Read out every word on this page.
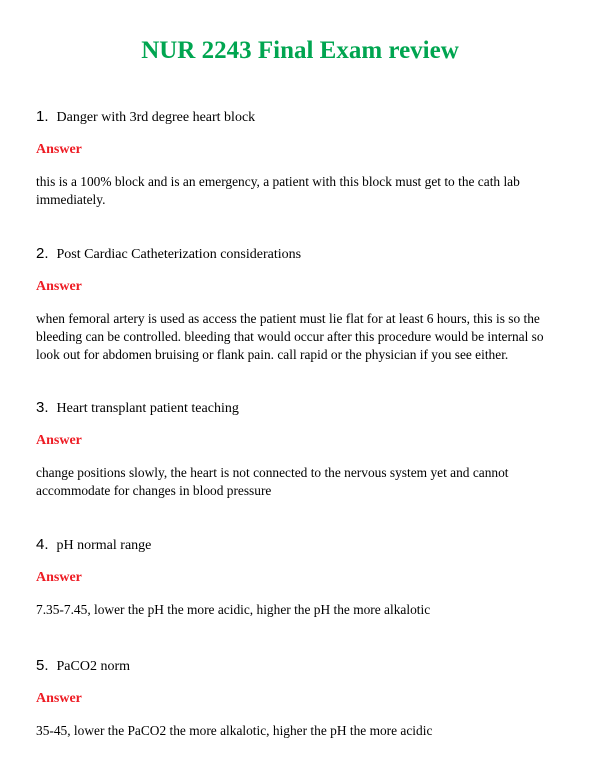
NUR 2243 Final Exam review
1. Danger with 3rd degree heart block
Answer
this is a 100% block and is an emergency, a patient with this block must get to the cath lab immediately.
2. Post Cardiac Catheterization considerations
Answer
when femoral artery is used as access the patient must lie flat for at least 6 hours, this is so the bleeding can be controlled. bleeding that would occur after this procedure would be internal so look out for abdomen bruising or flank pain. call rapid or the physician if you see either.
3. Heart transplant patient teaching
Answer
change positions slowly, the heart is not connected to the nervous system yet and cannot accommodate for changes in blood pressure
4. pH normal range
Answer
7.35-7.45, lower the pH the more acidic, higher the pH the more alkalotic
5. PaCO2 norm
Answer
35-45, lower the PaCO2 the more alkalotic, higher the pH the more acidic
